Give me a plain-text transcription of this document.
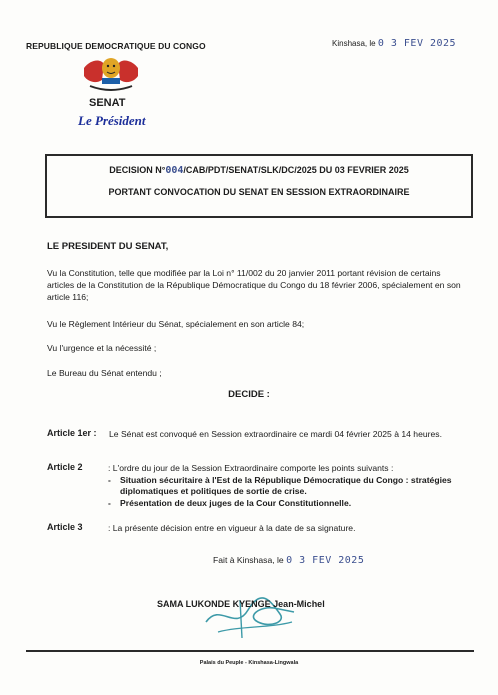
REPUBLIQUE DEMOCRATIQUE DU CONGO	Kinshasa, le 0 3 FEV 2025
SENAT
Le Président
DECISION N°004/CAB/PDT/SENAT/SLK/DC/2025 DU 03 FEVRIER 2025
PORTANT CONVOCATION DU SENAT EN SESSION EXTRAORDINAIRE
LE PRESIDENT DU SENAT,
Vu la Constitution, telle que modifiée par la Loi n° 11/002 du 20 janvier 2011 portant révision de certains articles de la Constitution de la République Démocratique du Congo du 18 février 2006, spécialement en son article 116;
Vu le Règlement Intérieur du Sénat, spécialement en son article 84;
Vu l'urgence et la nécessité ;
Le Bureau du Sénat entendu ;
DECIDE :
Article 1er : Le Sénat est convoqué en Session extraordinaire ce mardi 04 février 2025 à 14 heures.
Article 2	: L'ordre du jour de la Session Extraordinaire comporte les points suivants :
- Situation sécuritaire à l'Est de la République Démocratique du Congo : stratégies diplomatiques et politiques de sortie de crise.
- Présentation de deux juges de la Cour Constitutionnelle.
Article 3	: La présente décision entre en vigueur à la date de sa signature.
Fait à Kinshasa, le 0 3 FEV 2025
SAMA LUKONDE KYENGE Jean-Michel
Palais du Peuple - Kinshasa-Lingwala
